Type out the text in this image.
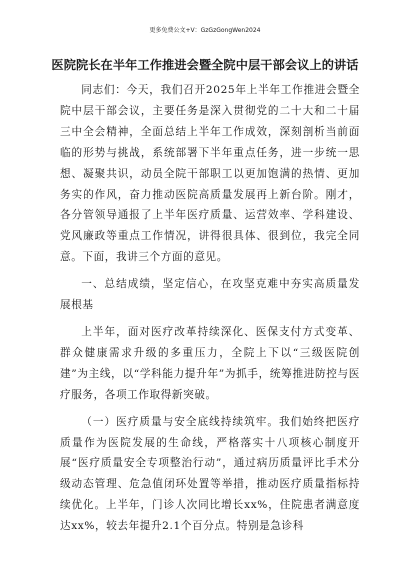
更多免费公文+V：GzGzGongWen2024
医院院长在半年工作推进会暨全院中层干部会议上的讲话

同志们：今天，我们召开2025年上半年工作推进会暨全院中层干部会议，主要任务是深入贯彻党的二十大和二十届三中全会精神，全面总结上半年工作成效，深刻剖析当前面临的形势与挑战，系统部署下半年重点任务，进一步统一思想、凝聚共识，动员全院干部职工以更加饱满的热情、更加务实的作风，奋力推动医院高质量发展再上新台阶。刚才，各分管领导通报了上半年医疗质量、运营效率、学科建设、党风廉政等重点工作情况，讲得很具体、很到位，我完全同意。下面，我讲三个方面的意见。

一、总结成绩，坚定信心，在攻坚克难中夯实高质量发展根基

上半年，面对医疗改革持续深化、医保支付方式变革、群众健康需求升级的多重压力，全院上下以“三级医院创建”为主线，以“学科能力提升年”为抓手，统筹推进防控与医疗服务，各项工作取得新突破。

（一）医疗质量与安全底线持续筑牢。我们始终把医疗质量作为医院发展的生命线，严格落实十八项核心制度开展“医疗质量安全专项整治行动”，通过病历质量评比手术分级动态管理、危急值闭环处置等举措，推动医疗质量指标持续优化。上半年，门诊人次同比增长xx%，住院患者满意度达xx%，较去年提升2.1个百分点。特别是急诊科
